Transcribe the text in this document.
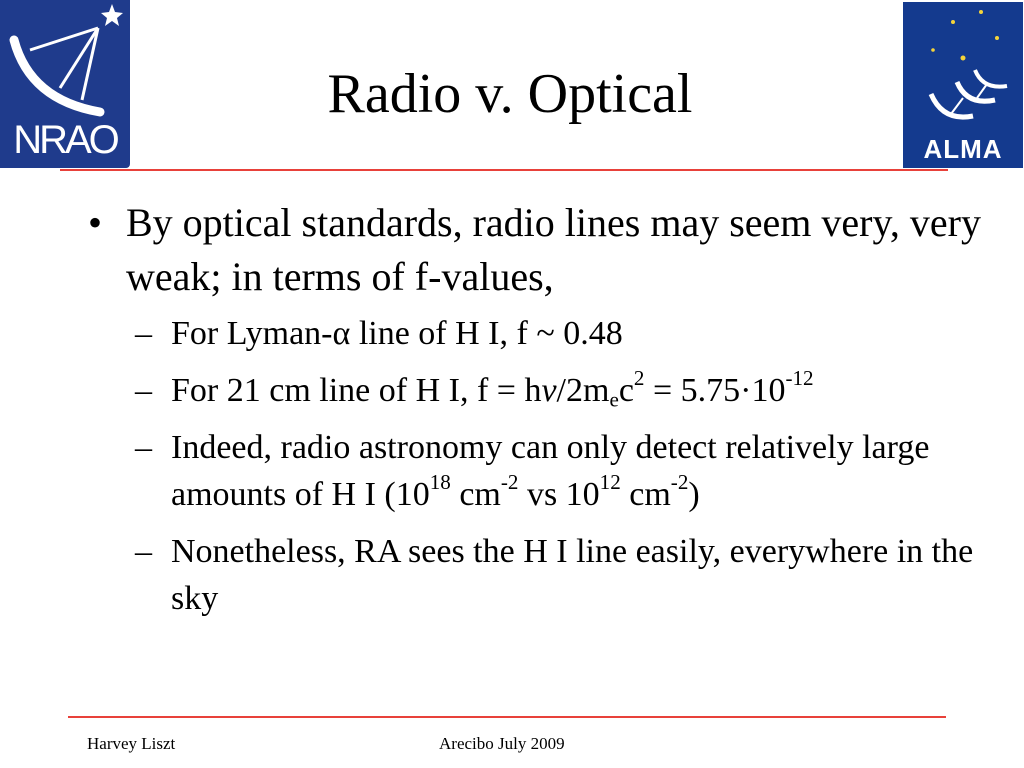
NRAO	ALMA
Radio v. Optical
• By optical standards, radio lines may seem very, very weak; in terms of f-values,
– For Lyman-α line of H I, f ~ 0.48
– For 21 cm line of H I, $f = h\nu/2m_ec^2 = 5.75\cdot 10^{-12}$
– Indeed, radio astronomy can only detect relatively large amounts of H I ($10^{18}$ $cm^{-2}$ vs $10^{12}$ $cm^{-2}$)
– Nonetheless, RA sees the H I line easily, everywhere in the sky
Harvey Liszt	Arecibo July 2009
